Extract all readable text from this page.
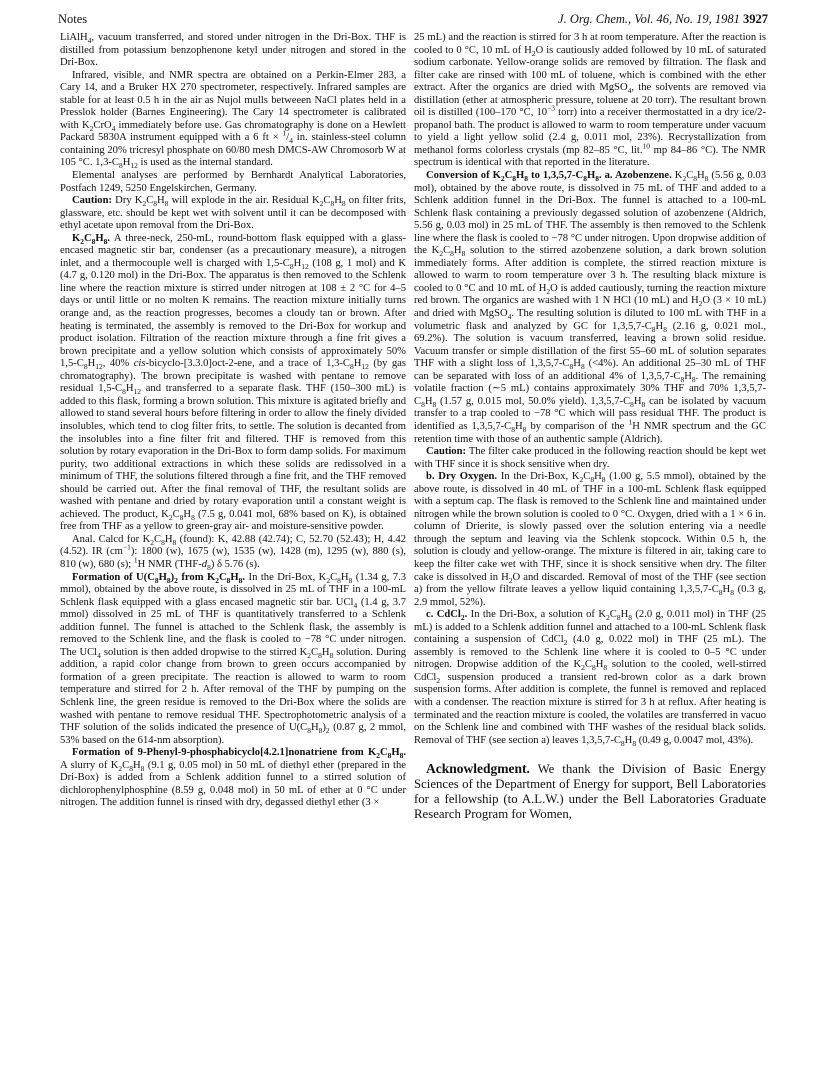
Notes	J. Org. Chem., Vol. 46, No. 19, 1981 3927

LiAlH$_4$, vacuum transferred, and stored under nitrogen in the Dri-Box. THF is distilled from potassium benzophenone ketyl under nitrogen and stored in the Dri-Box.

Infrared, visible, and NMR spectra are obtained on a Perkin-Elmer 283, a Cary 14, and a Bruker HX 270 spectrometer, respectively. Infrared samples are stable for at least 0.5 h in the air as Nujol mulls betweeen NaCl plates held in a Presslok holder (Barnes Engineering). The Cary 14 spectrometer is calibrated with $K_2CrO_4$ immediately before use. Gas chromatography is done on a Hewlett Packard 5830A instrument equipped with a 6 ft × $^1/_4$ in. stainless-steel column containing 20% tricresyl phosphate on 60/80 mesh DMCS-AW Chromosorb W at 105 °C. $1,3-C_8H_{12}$ is used as the internal standard.

Elemental analyses are performed by Bernhardt Analytical Laboratories, Postfach 1249, 5250 Engelskirchen, Germany.

Caution: Dry $K_2C_8H_8$ will explode in the air. Residual $K_2C_8H_8$ on filter frits, glassware, etc. should be kept wet with solvent until it can be decomposed with ethyl acetate upon removal from the Dri-Box.

$K_2C_8H_8$. A three-neck, 250-mL, round-bottom flask equipped with a glass-encased magnetic stir bar, condenser (as a precautionary measure), a nitrogen inlet, and a thermocouple well is charged with $1,5-C_8H_{12}$ (108 g, 1 mol) and K (4.7 g, 0.120 mol) in the Dri-Box. The apparatus is then removed to the Schlenk line where the reaction mixture is stirred under nitrogen at 108 ± 2 °C for 4–5 days or until little or no molten K remains. The reaction mixture initially turns orange and, as the reaction progresses, becomes a cloudy tan or brown. After heating is terminated, the assembly is removed to the Dri-Box for workup and product isolation. Filtration of the reaction mixture through a fine frit gives a brown precipitate and a yellow solution which consists of approximately 50% $1,5-C_8H_{12}$, 40% cis-bicyclo-[3.3.0]oct-2-ene, and a trace of $1,3-C_8H_{12}$ (by gas chromatography). The brown precipitate is washed with pentane to remove residual $1,5-C_8H_{12}$ and transferred to a separate flask. THF (150–300 mL) is added to this flask, forming a brown solution. This mixture is agitated briefly and allowed to stand several hours before filtering in order to allow the finely divided insolubles, which tend to clog filter frits, to settle. The solution is decanted from the insolubles into a fine filter frit and filtered. THF is removed from this solution by rotary evaporation in the Dri-Box to form damp solids. For maximum purity, two additional extractions in which these solids are redissolved in a minimum of THF, the solutions filtered through a fine frit, and the THF removed should be carried out. After the final removal of THF, the resultant solids are washed with pentane and dried by rotary evaporation until a constant weight is achieved. The product, $K_2C_8H_8$ (7.5 g, 0.041 mol, 68% based on K), is obtained free from THF as a yellow to green-gray air- and moisture-sensitive powder.

Anal. Calcd for $K_2C_8H_8$ (found): K, 42.88 (42.74); C, 52.70 (52.43); H, 4.42 (4.52). IR $(cm^{-1})$: 1800 (w), 1675 (w), 1535 (w), 1428 (m), 1295 (w), 880 (s), 810 (w), 680 (s); $^1$H NMR $(THF-d_8)$ δ 5.76 (s).

Formation of $U(C_8H_8)_2$ from $K_2C_8H_8$. In the Dri-Box, $K_2C_8H_8$ (1.34 g, 7.3 mmol), obtained by the above route, is dissolved in 25 mL of THF in a 100-mL Schlenk flask equipped with a glass encased magnetic stir bar. UCl$_4$ (1.4 g, 3.7 mmol) dissolved in 25 mL of THF is quantitatively transferred to a Schlenk addition funnel. The funnel is attached to the Schlenk flask, the assembly is removed to the Schlenk line, and the flask is cooled to −78 °C under nitrogen. The UCl$_4$ solution is then added dropwise to the stirred $K_2C_8H_8$ solution. During addition, a rapid color change from brown to green occurs accompanied by formation of a green precipitate. The reaction is allowed to warm to room temperature and stirred for 2 h. After removal of the THF by pumping on the Schlenk line, the green residue is removed to the Dri-Box where the solids are washed with pentane to remove residual THF. Spectrophotometric analysis of a THF solution of the solids indicated the presence of $U(C_8H_8)_2$ (0.87 g, 2 mmol, 53% based on the 614-nm absorption).

Formation of 9-Phenyl-9-phosphabicyclo[4.2.1]nonatriene from $K_2C_8H_8$. A slurry of $K_2C_8H_8$ (9.1 g, 0.05 mol) in 50 mL of diethyl ether (prepared in the Dri-Box) is added from a Schlenk addition funnel to a stirred solution of dichlorophenylphosphine (8.59 g, 0.048 mol) in 50 mL of ether at 0 °C under nitrogen. The addition funnel is rinsed with dry, degassed diethyl ether (3 ×

25 mL) and the reaction is stirred for 3 h at room temperature. After the reaction is cooled to 0 °C, 10 mL of $H_2O$ is cautiously added followed by 10 mL of saturated sodium carbonate. Yellow-orange solids are removed by filtration. The flask and filter cake are rinsed with 100 mL of toluene, which is combined with the ether extract. After the organics are dried with MgSO$_4$, the solvents are removed via distillation (ether at atmospheric pressure, toluene at 20 torr). The resultant brown oil is distilled (100–170 °C, $10^{-3}$ torr) into a receiver thermostatted in a dry ice/2-propanol bath. The product is allowed to warm to room temperature under vacuum to yield a light yellow solid (2.4 g, 0.011 mol, 23%). Recrystallization from methanol forms colorless crystals (mp 82–85 °C, lit.$^{10}$ mp 84–86 °C). The NMR spectrum is identical with that reported in the literature.

Conversion of $K_2C_8H_8$ to $1,3,5,7-C_8H_8$. a. Azobenzene. $K_2C_8H_8$ (5.56 g, 0.03 mol), obtained by the above route, is dissolved in 75 mL of THF and added to a Schlenk addition funnel in the Dri-Box. The funnel is attached to a 100-mL Schlenk flask containing a previously degassed solution of azobenzene (Aldrich, 5.56 g, 0.03 mol) in 25 mL of THF. The assembly is then removed to the Schlenk line where the flask is cooled to −78 °C under nitrogen. Upon dropwise addition of the $K_2C_8H_8$ solution to the stirred azobenzene solution, a dark brown solution immediately forms. After addition is complete, the stirred reaction mixture is allowed to warm to room temperature over 3 h. The resulting black mixture is cooled to 0 °C and 10 mL of $H_2O$ is added cautiously, turning the reaction mixture red brown. The organics are washed with 1 N HCl (10 mL) and $H_2O$ (3 × 10 mL) and dried with MgSO$_4$. The resulting solution is diluted to 100 mL with THF in a volumetric flask and analyzed by GC for $1,3,5,7-C_8H_8$ (2.16 g, 0.021 mol., 69.2%). The solution is vacuum transferred, leaving a brown solid residue. Vacuum transfer or simple distillation of the first 55–60 mL of solution separates THF with a slight loss of $1,3,5,7-C_8H_8$ (<4%). An additional 25–30 mL of THF can be separated with loss of an additional 4% of $1,3,5,7-C_8H_8$. The remaining volatile fraction (∼5 mL) contains approximately 30% THF and 70% $1,3,5,7-C_8H_8$ (1.57 g, 0.015 mol, 50.0% yield). $1,3,5,7-C_8H_8$ can be isolated by vacuum transfer to a trap cooled to −78 °C which will pass residual THF. The product is identified as $1,3,5,7-C_8H_8$ by comparison of the $^1$H NMR spectrum and the GC retention time with those of an authentic sample (Aldrich).

Caution: The filter cake produced in the following reaction should be kept wet with THF since it is shock sensitive when dry.

b. Dry Oxygen. In the Dri-Box, $K_2C_8H_8$ (1.00 g, 5.5 mmol), obtained by the above route, is dissolved in 40 mL of THF in a 100-mL Schlenk flask equipped with a septum cap. The flask is removed to the Schlenk line and maintained under nitrogen while the brown solution is cooled to 0 °C. Oxygen, dried with a 1 × 6 in. column of Drierite, is slowly passed over the solution entering via a needle through the septum and leaving via the Schlenk stopcock. Within 0.5 h, the solution is cloudy and yellow-orange. The mixture is filtered in air, taking care to keep the filter cake wet with THF, since it is shock sensitive when dry. The filter cake is dissolved in $H_2O$ and discarded. Removal of most of the THF (see section a) from the yellow filtrate leaves a yellow liquid containing $1,3,5,7-C_8H_8$ (0.3 g, 2.9 mmol, 52%).

c. CdCl$_2$. In the Dri-Box, a solution of $K_2C_8H_8$ (2.0 g, 0.011 mol) in THF (25 mL) is added to a Schlenk addition funnel and attached to a 100-mL Schlenk flask containing a suspension of CdCl$_2$ (4.0 g, 0.022 mol) in THF (25 mL). The assembly is removed to the Schlenk line where it is cooled to 0–5 °C under nitrogen. Dropwise addition of the $K_2C_8H_8$ solution to the cooled, well-stirred CdCl$_2$ suspension produced a transient red-brown color as a dark brown suspension forms. After addition is complete, the funnel is removed and replaced with a condenser. The reaction mixture is stirred for 3 h at reflux. After heating is terminated and the reaction mixture is cooled, the volatiles are transferred in vacuo on the Schlenk line and combined with THF washes of the residual black solids. Removal of THF (see section a) leaves $1,3,5,7-C_8H_8$ (0.49 g, 0.0047 mol, 43%).

Acknowledgment. We thank the Division of Basic Energy Sciences of the Department of Energy for support, Bell Laboratories for a fellowship (to A.L.W.) under the Bell Laboratories Graduate Research Program for Women,
